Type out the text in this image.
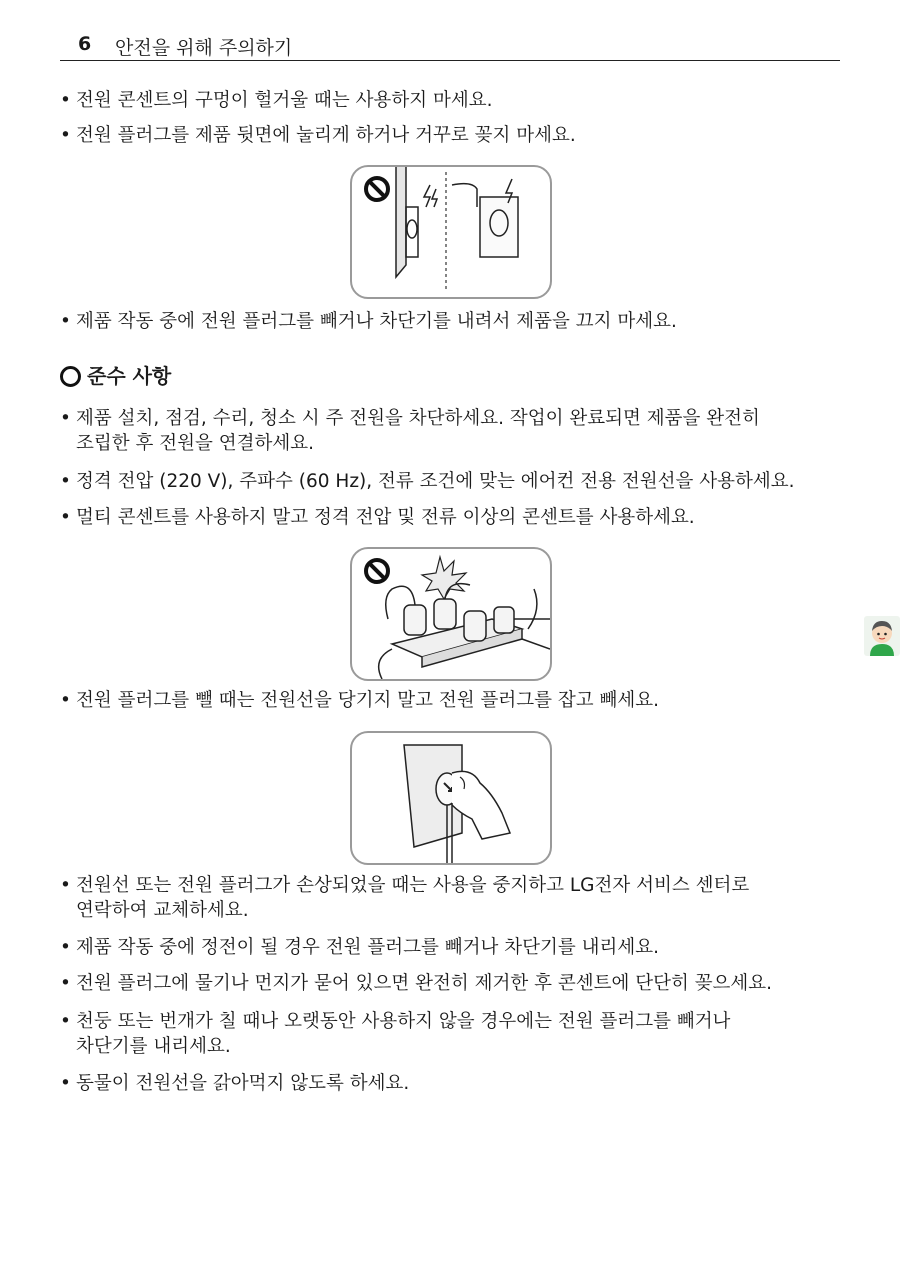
6 안전을 위해 주의하기
• 전원 콘센트의 구멍이 헐거울 때는 사용하지 마세요.
• 전원 플러그를 제품 뒷면에 눌리게 하거나 거꾸로 꽂지 마세요.
• 제품 작동 중에 전원 플러그를 빼거나 차단기를 내려서 제품을 끄지 마세요.
준수 사항
• 제품 설치, 점검, 수리, 청소 시 주 전원을 차단하세요. 작업이 완료되면 제품을 완전히
조립한 후 전원을 연결하세요.
• 정격 전압 (220 V), 주파수 (60 Hz), 전류 조건에 맞는 에어컨 전용 전원선을 사용하세요.
• 멀티 콘센트를 사용하지 말고 정격 전압 및 전류 이상의 콘센트를 사용하세요.
• 전원 플러그를 뺄 때는 전원선을 당기지 말고 전원 플러그를 잡고 빼세요.
• 전원선 또는 전원 플러그가 손상되었을 때는 사용을 중지하고 LG전자 서비스 센터로
연락하여 교체하세요.
• 제품 작동 중에 정전이 될 경우 전원 플러그를 빼거나 차단기를 내리세요.
• 전원 플러그에 물기나 먼지가 묻어 있으면 완전히 제거한 후 콘센트에 단단히 꽂으세요.
• 천둥 또는 번개가 칠 때나 오랫동안 사용하지 않을 경우에는 전원 플러그를 빼거나
차단기를 내리세요.
• 동물이 전원선을 갉아먹지 않도록 하세요.
